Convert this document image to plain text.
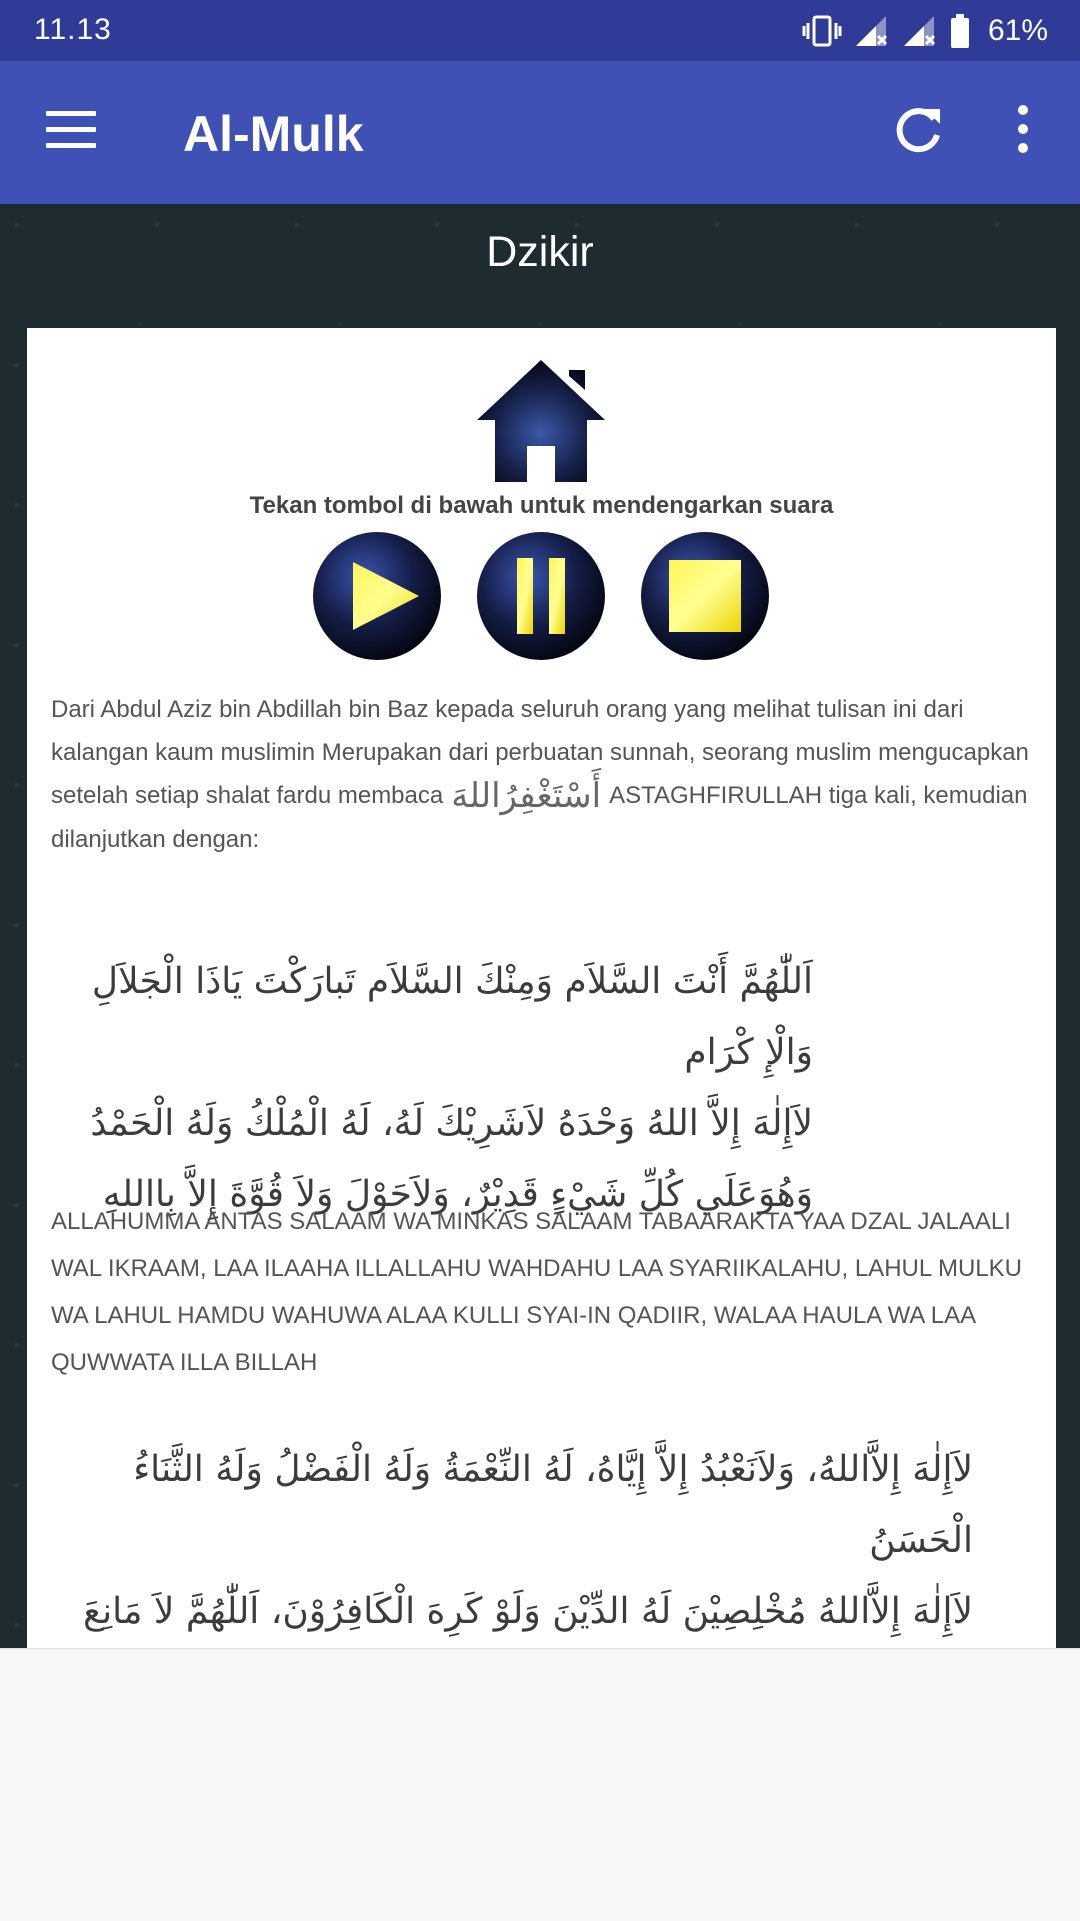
11.13	61%
Al-Mulk
Dzikir
Tekan tombol di bawah untuk mendengarkan suara
Dari Abdul Aziz bin Abdillah bin Baz kepada seluruh orang yang melihat tulisan ini dari kalangan kaum muslimin Merupakan dari perbuatan sunnah, seorang muslim mengucapkan setelah setiap shalat fardu membaca أَسْتَغْفِرُاللهَ ASTAGHFIRULLAH tiga kali, kemudian dilanjutkan dengan:
اَللّٰهُمَّ أَنْتَ السَّلاَم وَمِنْكَ السَّلاَم تَبارَكْتَ يَاذَا الْجَلاَلِ وَالْإِ كْرَام
لاَإِلٰهَ إِلاَّ اللهُ وَحْدَهُ لاَشَرِيْكَ لَهُ، لَهُ الْمُلْكُ وَلَهُ الْحَمْدُ
وَهُوَعَلَي كُلِّ شَيْءٍ قَدِيْرٌ، وَلاَحَوْلَ وَلاَ قُوَّةَ إِلاَّ بِااللهِ
ALLAHUMMA ANTAS SALAAM WA MINKAS SALAAM TABAARAKTA YAA DZAL JALAALI WAL IKRAAM, LAA ILAAHA ILLALLAHU WAHDAHU LAA SYARIIKALAHU, LAHUL MULKU WA LAHUL HAMDU WAHUWA ALAA KULLI SYAI-IN QADIIR, WALAA HAULA WA LAA QUWWATA ILLA BILLAH
لاَإِلٰهَ إِلاَّاللهُ، وَلاَنَعْبُدُ إِلاَّ إِيَّاهُ، لَهُ النِّعْمَةُ وَلَهُ الْفَضْلُ وَلَهُ الثَّنَاءُ الْحَسَنُ
لاَإِلٰهَ إِلاَّاللهُ مُخْلِصِيْنَ لَهُ الدِّيْنَ وَلَوْ كَرِهَ الْكَافِرُوْنَ، اَللّٰهُمَّ لاَ مَانِعَ
